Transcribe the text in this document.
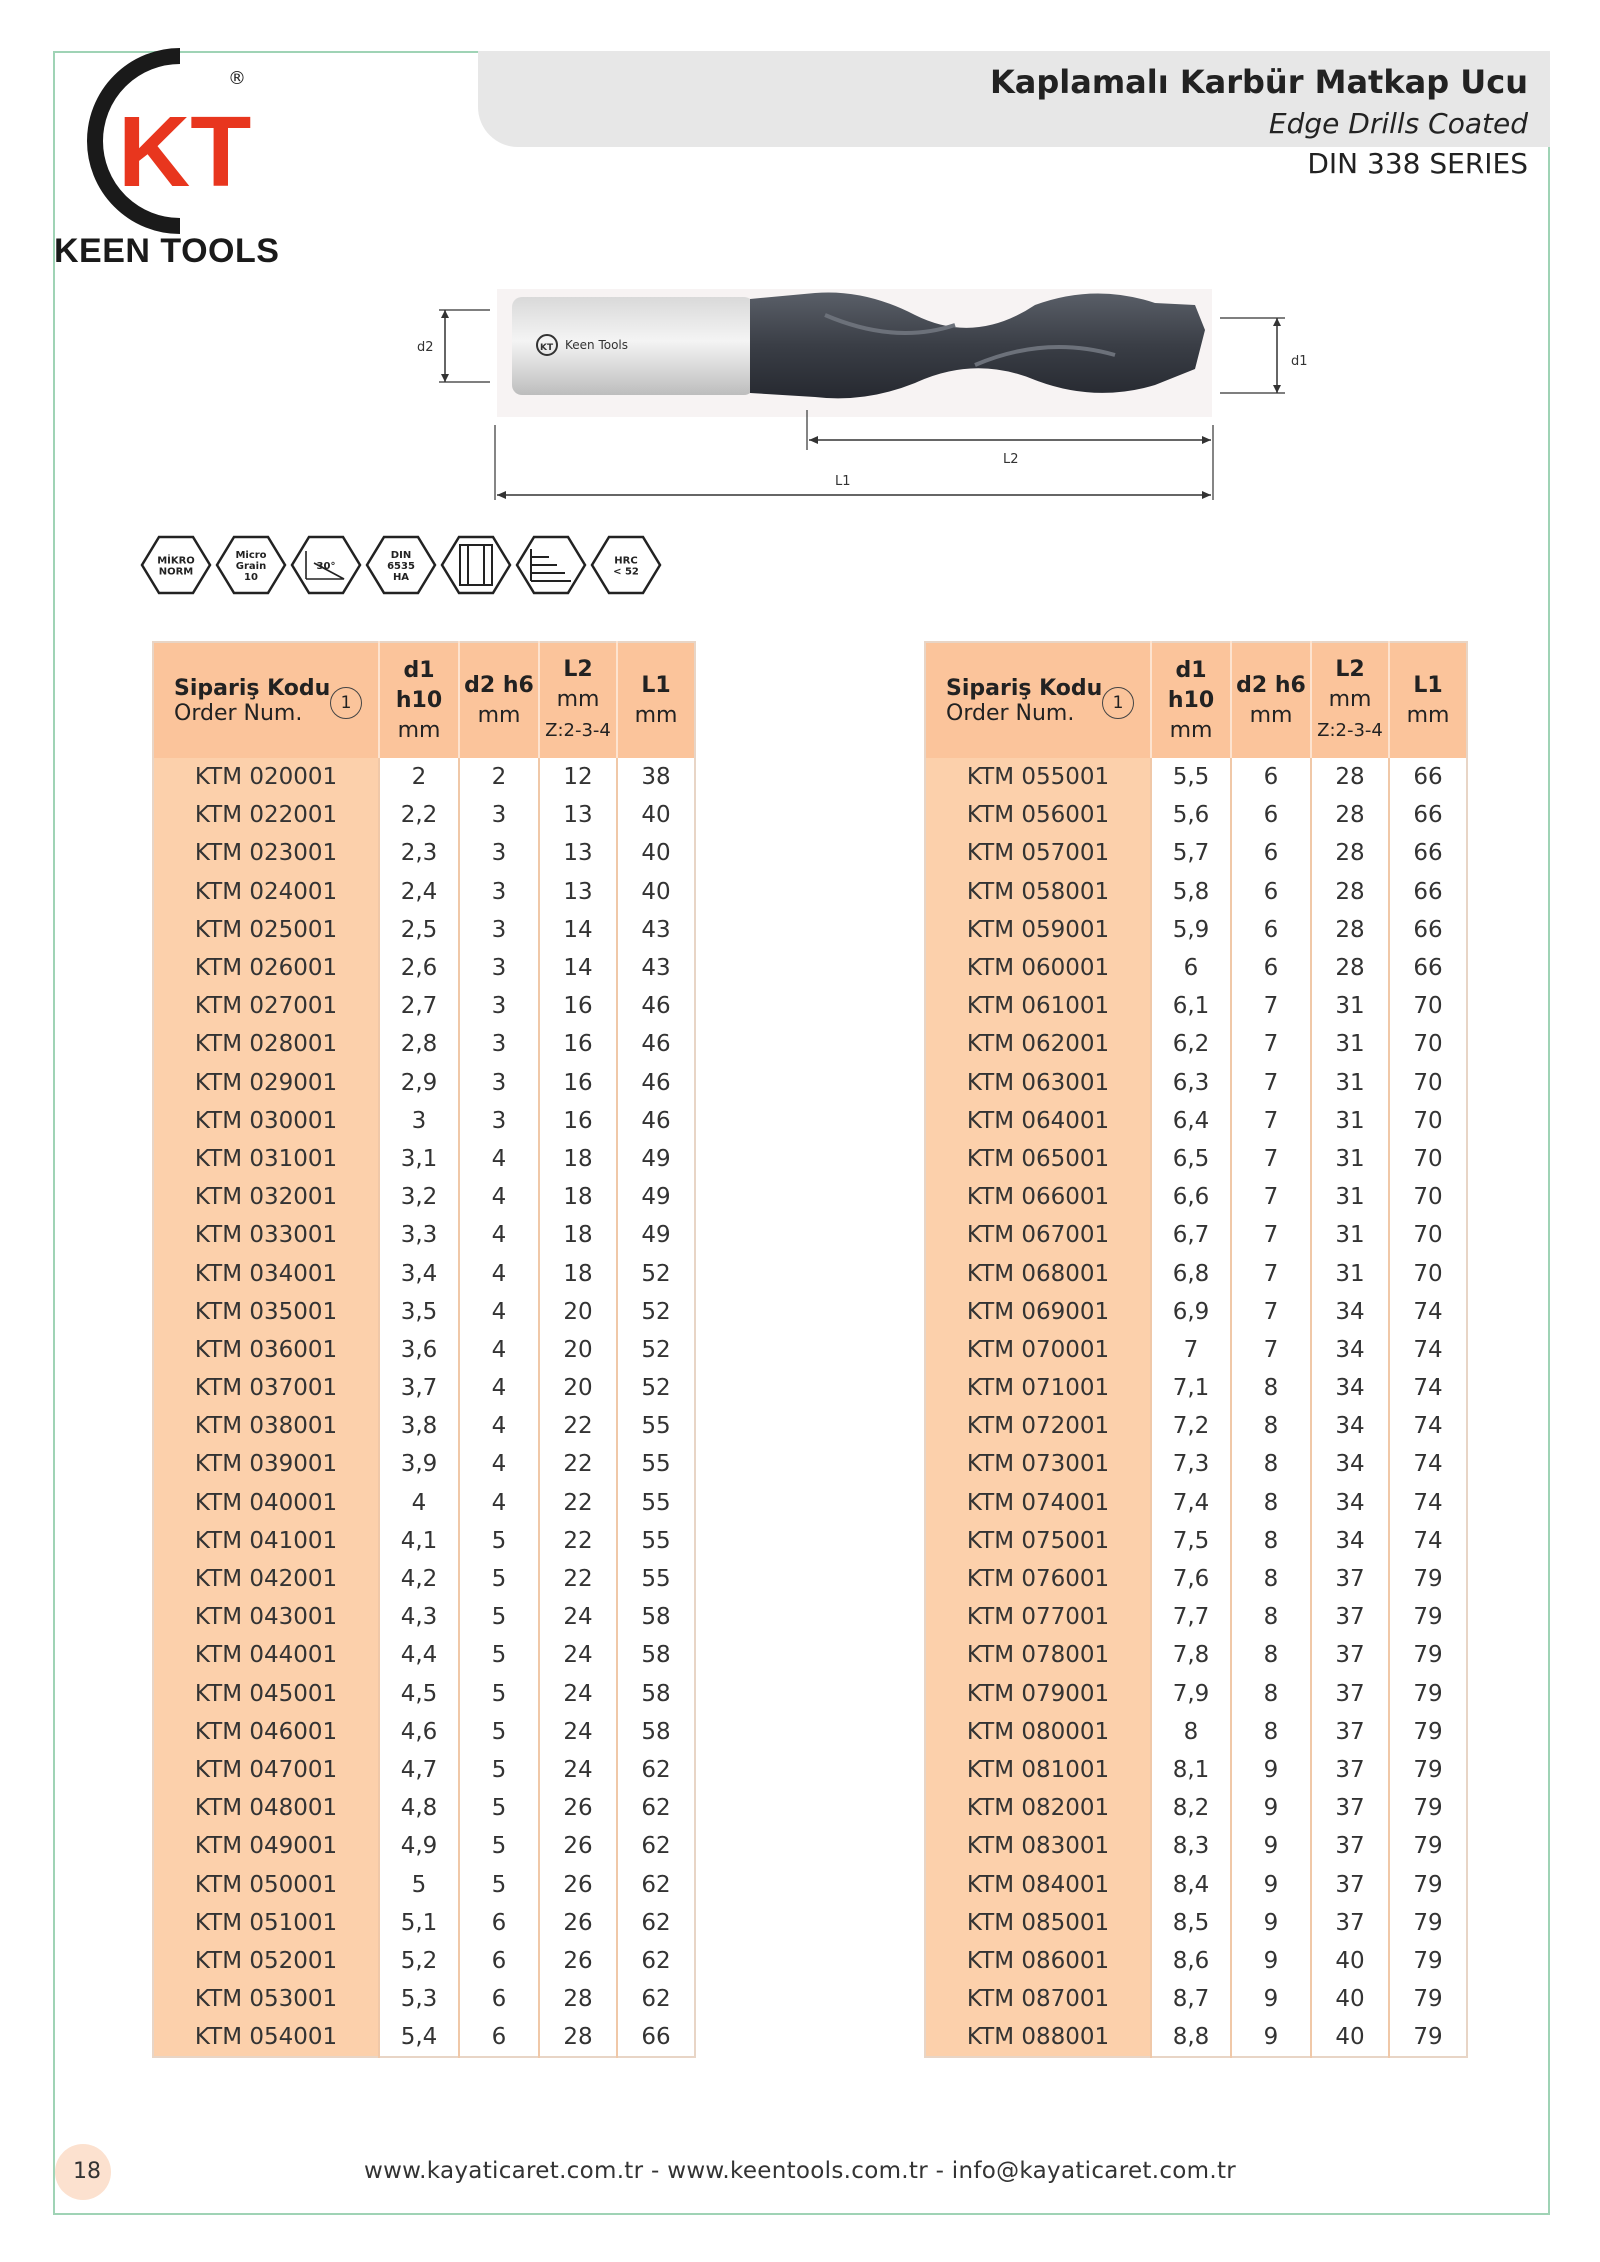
KT
®
KEEN TOOLS
Kaplamalı Karbür Matkap Ucu
Edge Drills Coated
DIN 338 SERIES
KT Keen Tools
d2
d1
L2
L1
MİKRO
NORM
Micro
Grain
10
30°
DIN
6535
HA
HRC
< 52
Sipariş Kodu
Order Num. 1	d1 h10
mm	d2 h6
mm	L2
mm
Z:2-3-4	L1
mm
KTM 020001	2	2	12	38
KTM 022001	2,2	3	13	40
KTM 023001	2,3	3	13	40
KTM 024001	2,4	3	13	40
KTM 025001	2,5	3	14	43
KTM 026001	2,6	3	14	43
KTM 027001	2,7	3	16	46
KTM 028001	2,8	3	16	46
KTM 029001	2,9	3	16	46
KTM 030001	3	3	16	46
KTM 031001	3,1	4	18	49
KTM 032001	3,2	4	18	49
KTM 033001	3,3	4	18	49
KTM 034001	3,4	4	18	52
KTM 035001	3,5	4	20	52
KTM 036001	3,6	4	20	52
KTM 037001	3,7	4	20	52
KTM 038001	3,8	4	22	55
KTM 039001	3,9	4	22	55
KTM 040001	4	4	22	55
KTM 041001	4,1	5	22	55
KTM 042001	4,2	5	22	55
KTM 043001	4,3	5	24	58
KTM 044001	4,4	5	24	58
KTM 045001	4,5	5	24	58
KTM 046001	4,6	5	24	58
KTM 047001	4,7	5	24	62
KTM 048001	4,8	5	26	62
KTM 049001	4,9	5	26	62
KTM 050001	5	5	26	62
KTM 051001	5,1	6	26	62
KTM 052001	5,2	6	26	62
KTM 053001	5,3	6	28	62
KTM 054001	5,4	6	28	66
Sipariş Kodu
Order Num. 1	d1 h10
mm	d2 h6
mm	L2
mm
Z:2-3-4	L1
mm
KTM 055001	5,5	6	28	66
KTM 056001	5,6	6	28	66
KTM 057001	5,7	6	28	66
KTM 058001	5,8	6	28	66
KTM 059001	5,9	6	28	66
KTM 060001	6	6	28	66
KTM 061001	6,1	7	31	70
KTM 062001	6,2	7	31	70
KTM 063001	6,3	7	31	70
KTM 064001	6,4	7	31	70
KTM 065001	6,5	7	31	70
KTM 066001	6,6	7	31	70
KTM 067001	6,7	7	31	70
KTM 068001	6,8	7	31	70
KTM 069001	6,9	7	34	74
KTM 070001	7	7	34	74
KTM 071001	7,1	8	34	74
KTM 072001	7,2	8	34	74
KTM 073001	7,3	8	34	74
KTM 074001	7,4	8	34	74
KTM 075001	7,5	8	34	74
KTM 076001	7,6	8	37	79
KTM 077001	7,7	8	37	79
KTM 078001	7,8	8	37	79
KTM 079001	7,9	8	37	79
KTM 080001	8	8	37	79
KTM 081001	8,1	9	37	79
KTM 082001	8,2	9	37	79
KTM 083001	8,3	9	37	79
KTM 084001	8,4	9	37	79
KTM 085001	8,5	9	37	79
KTM 086001	8,6	9	40	79
KTM 087001	8,7	9	40	79
KTM 088001	8,8	9	40	79
18	www.kayaticaret.com.tr - www.keentools.com.tr - info@kayaticaret.com.tr
